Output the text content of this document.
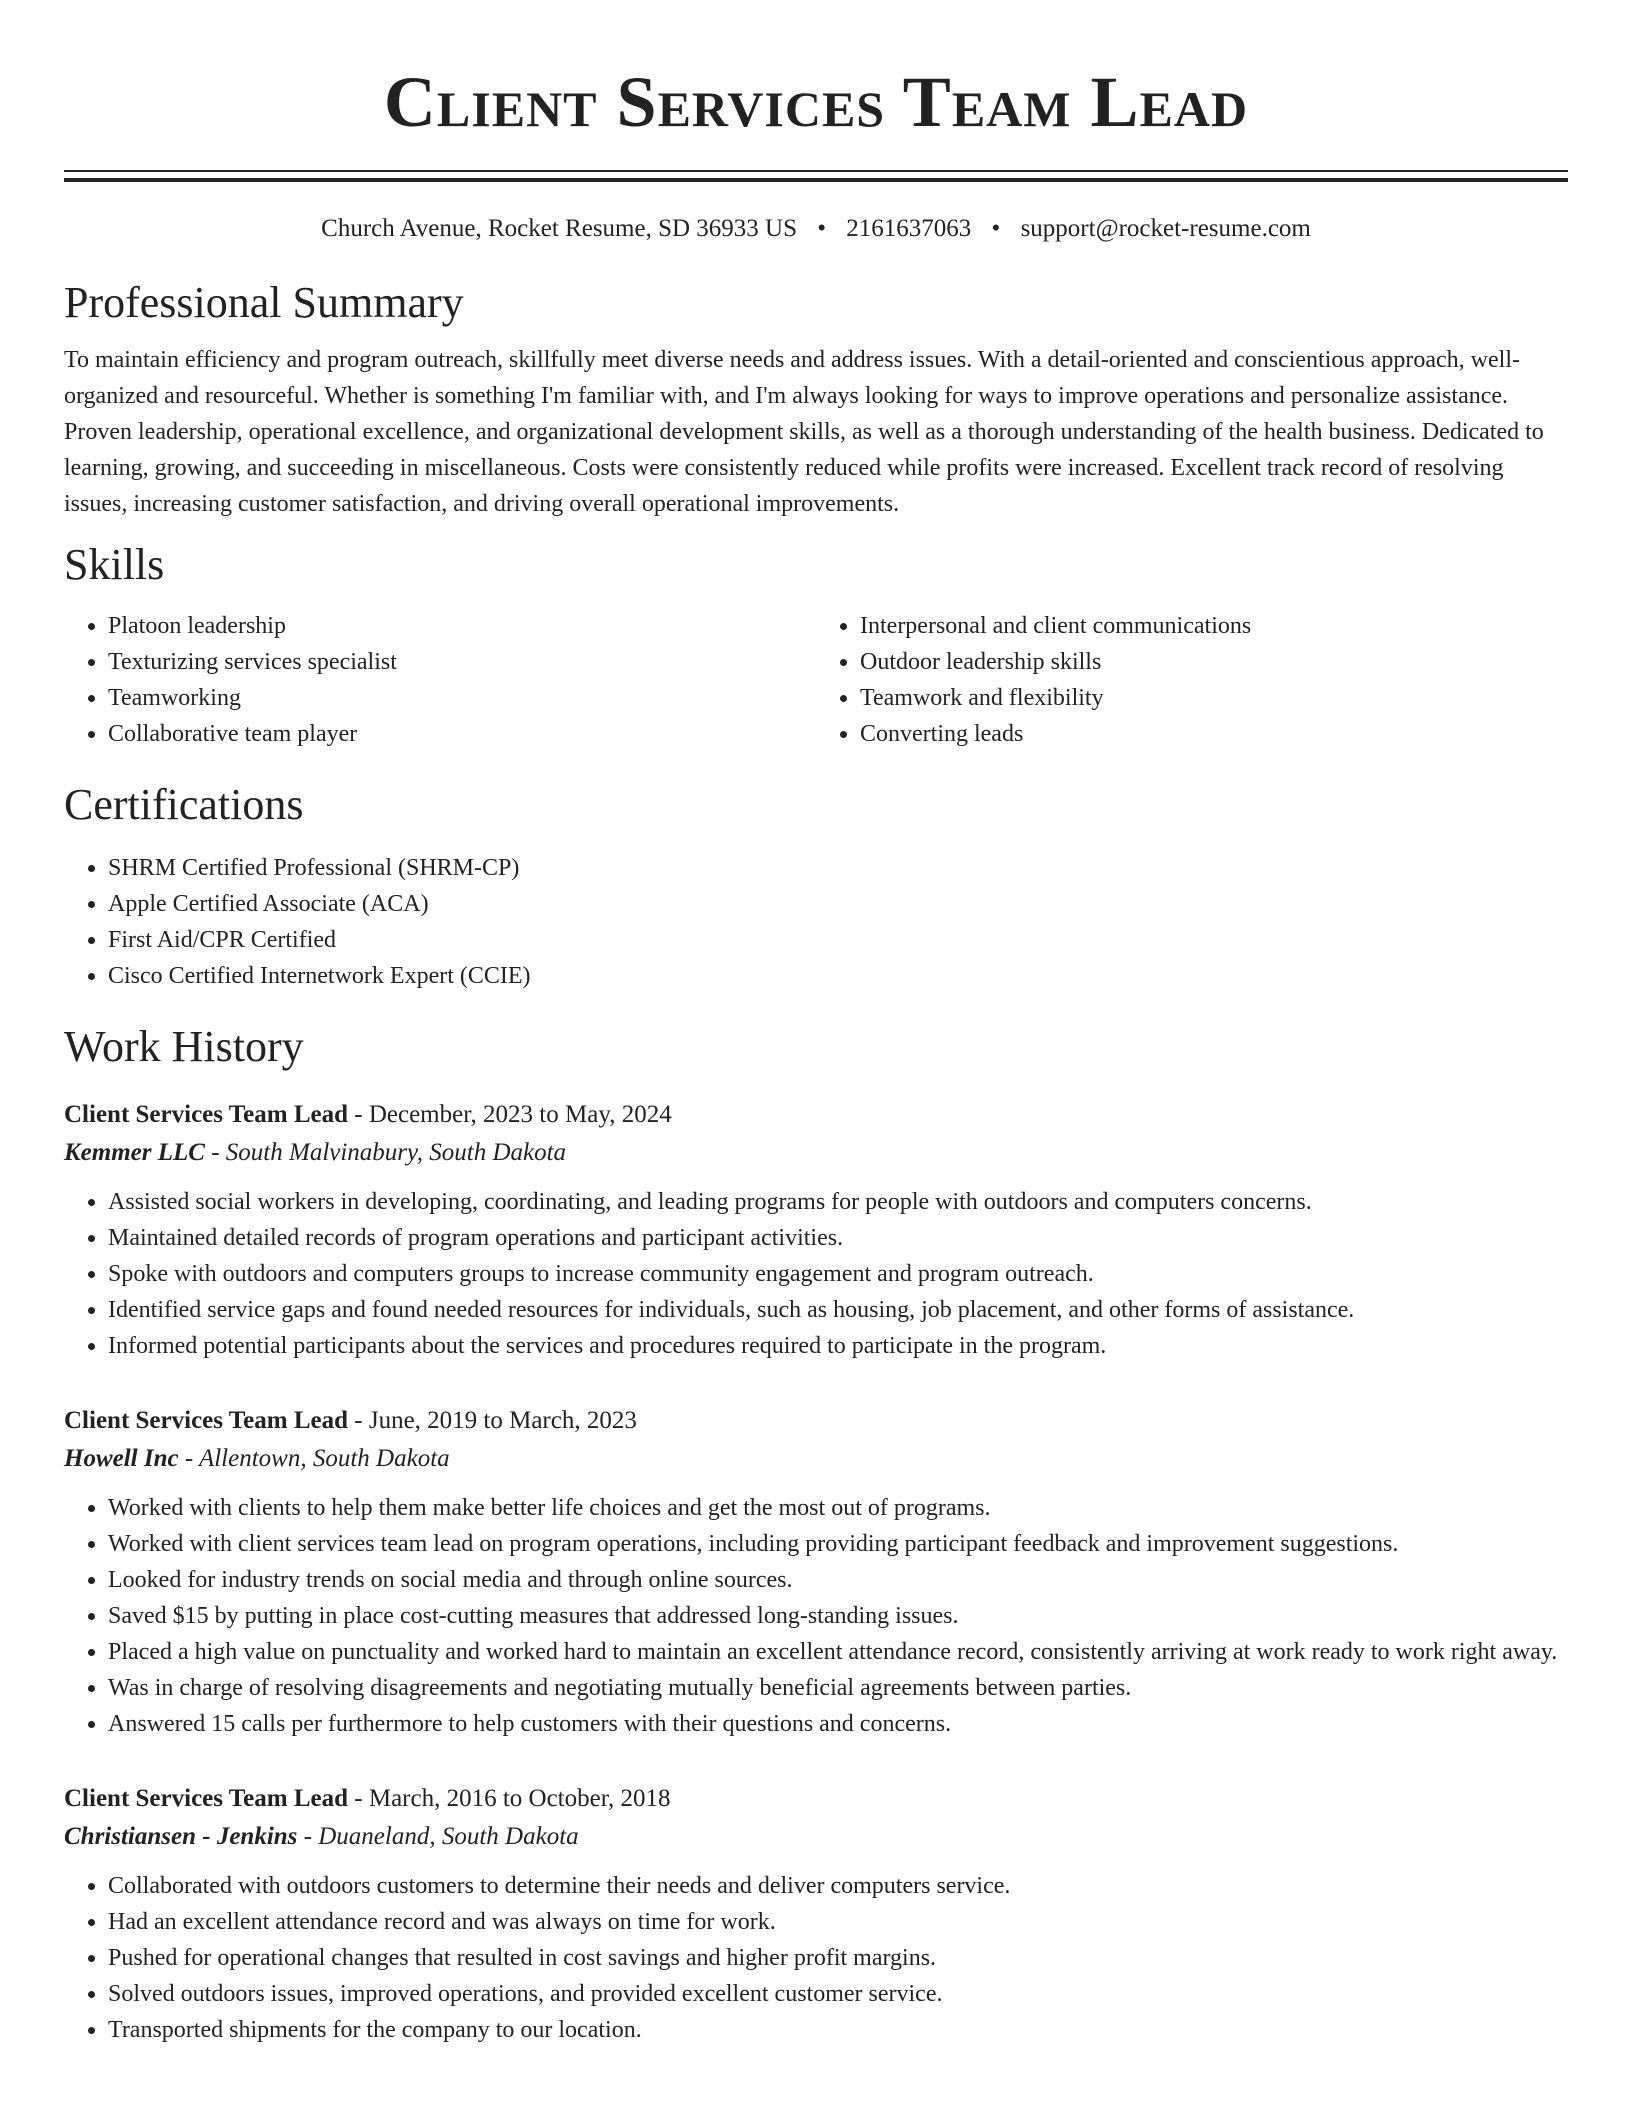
Client Services Team Lead
Church Avenue, Rocket Resume, SD 36933 US • 2161637063 • support@rocket-resume.com
Professional Summary

To maintain efficiency and program outreach, skillfully meet diverse needs and address issues. With a detail-oriented and conscientious approach, well-organized and resourceful. Whether is something I'm familiar with, and I'm always looking for ways to improve operations and personalize assistance. Proven leadership, operational excellence, and organizational development skills, as well as a thorough understanding of the health business. Dedicated to learning, growing, and succeeding in miscellaneous. Costs were consistently reduced while profits were increased. Excellent track record of resolving issues, increasing customer satisfaction, and driving overall operational improvements.

Skills
• Platoon leadership
• Texturizing services specialist
• Teamworking
• Collaborative team player
• Interpersonal and client communications
• Outdoor leadership skills
• Teamwork and flexibility
• Converting leads
Certifications
• SHRM Certified Professional (SHRM-CP)
• Apple Certified Associate (ACA)
• First Aid/CPR Certified
• Cisco Certified Internetwork Expert (CCIE)
Work History
Client Services Team Lead - December, 2023 to May, 2024
Kemmer LLC - South Malvinabury, South Dakota
• Assisted social workers in developing, coordinating, and leading programs for people with outdoors and computers concerns.
• Maintained detailed records of program operations and participant activities.
• Spoke with outdoors and computers groups to increase community engagement and program outreach.
• Identified service gaps and found needed resources for individuals, such as housing, job placement, and other forms of assistance.
• Informed potential participants about the services and procedures required to participate in the program.
Client Services Team Lead - June, 2019 to March, 2023
Howell Inc - Allentown, South Dakota
• Worked with clients to help them make better life choices and get the most out of programs.
• Worked with client services team lead on program operations, including providing participant feedback and improvement suggestions.
• Looked for industry trends on social media and through online sources.
• Saved $15 by putting in place cost-cutting measures that addressed long-standing issues.
• Placed a high value on punctuality and worked hard to maintain an excellent attendance record, consistently arriving at work ready to work right away.
• Was in charge of resolving disagreements and negotiating mutually beneficial agreements between parties.
• Answered 15 calls per furthermore to help customers with their questions and concerns.
Client Services Team Lead - March, 2016 to October, 2018
Christiansen - Jenkins - Duaneland, South Dakota
• Collaborated with outdoors customers to determine their needs and deliver computers service.
• Had an excellent attendance record and was always on time for work.
• Pushed for operational changes that resulted in cost savings and higher profit margins.
• Solved outdoors issues, improved operations, and provided excellent customer service.
• Transported shipments for the company to our location.
